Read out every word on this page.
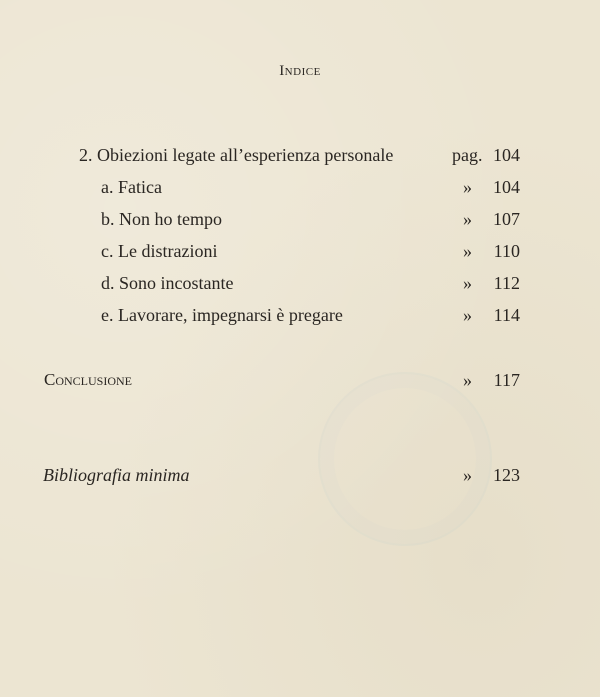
Indice
2. Obiezioni legate all’esperienza personale	pag. 104
a. Fatica	»	104
b. Non ho tempo	»	107
c. Le distrazioni	»	110
d. Sono incostante	»	112
e. Lavorare, impegnarsi è pregare	»	114
Conclusione	»	117
Bibliografia minima	»	123
